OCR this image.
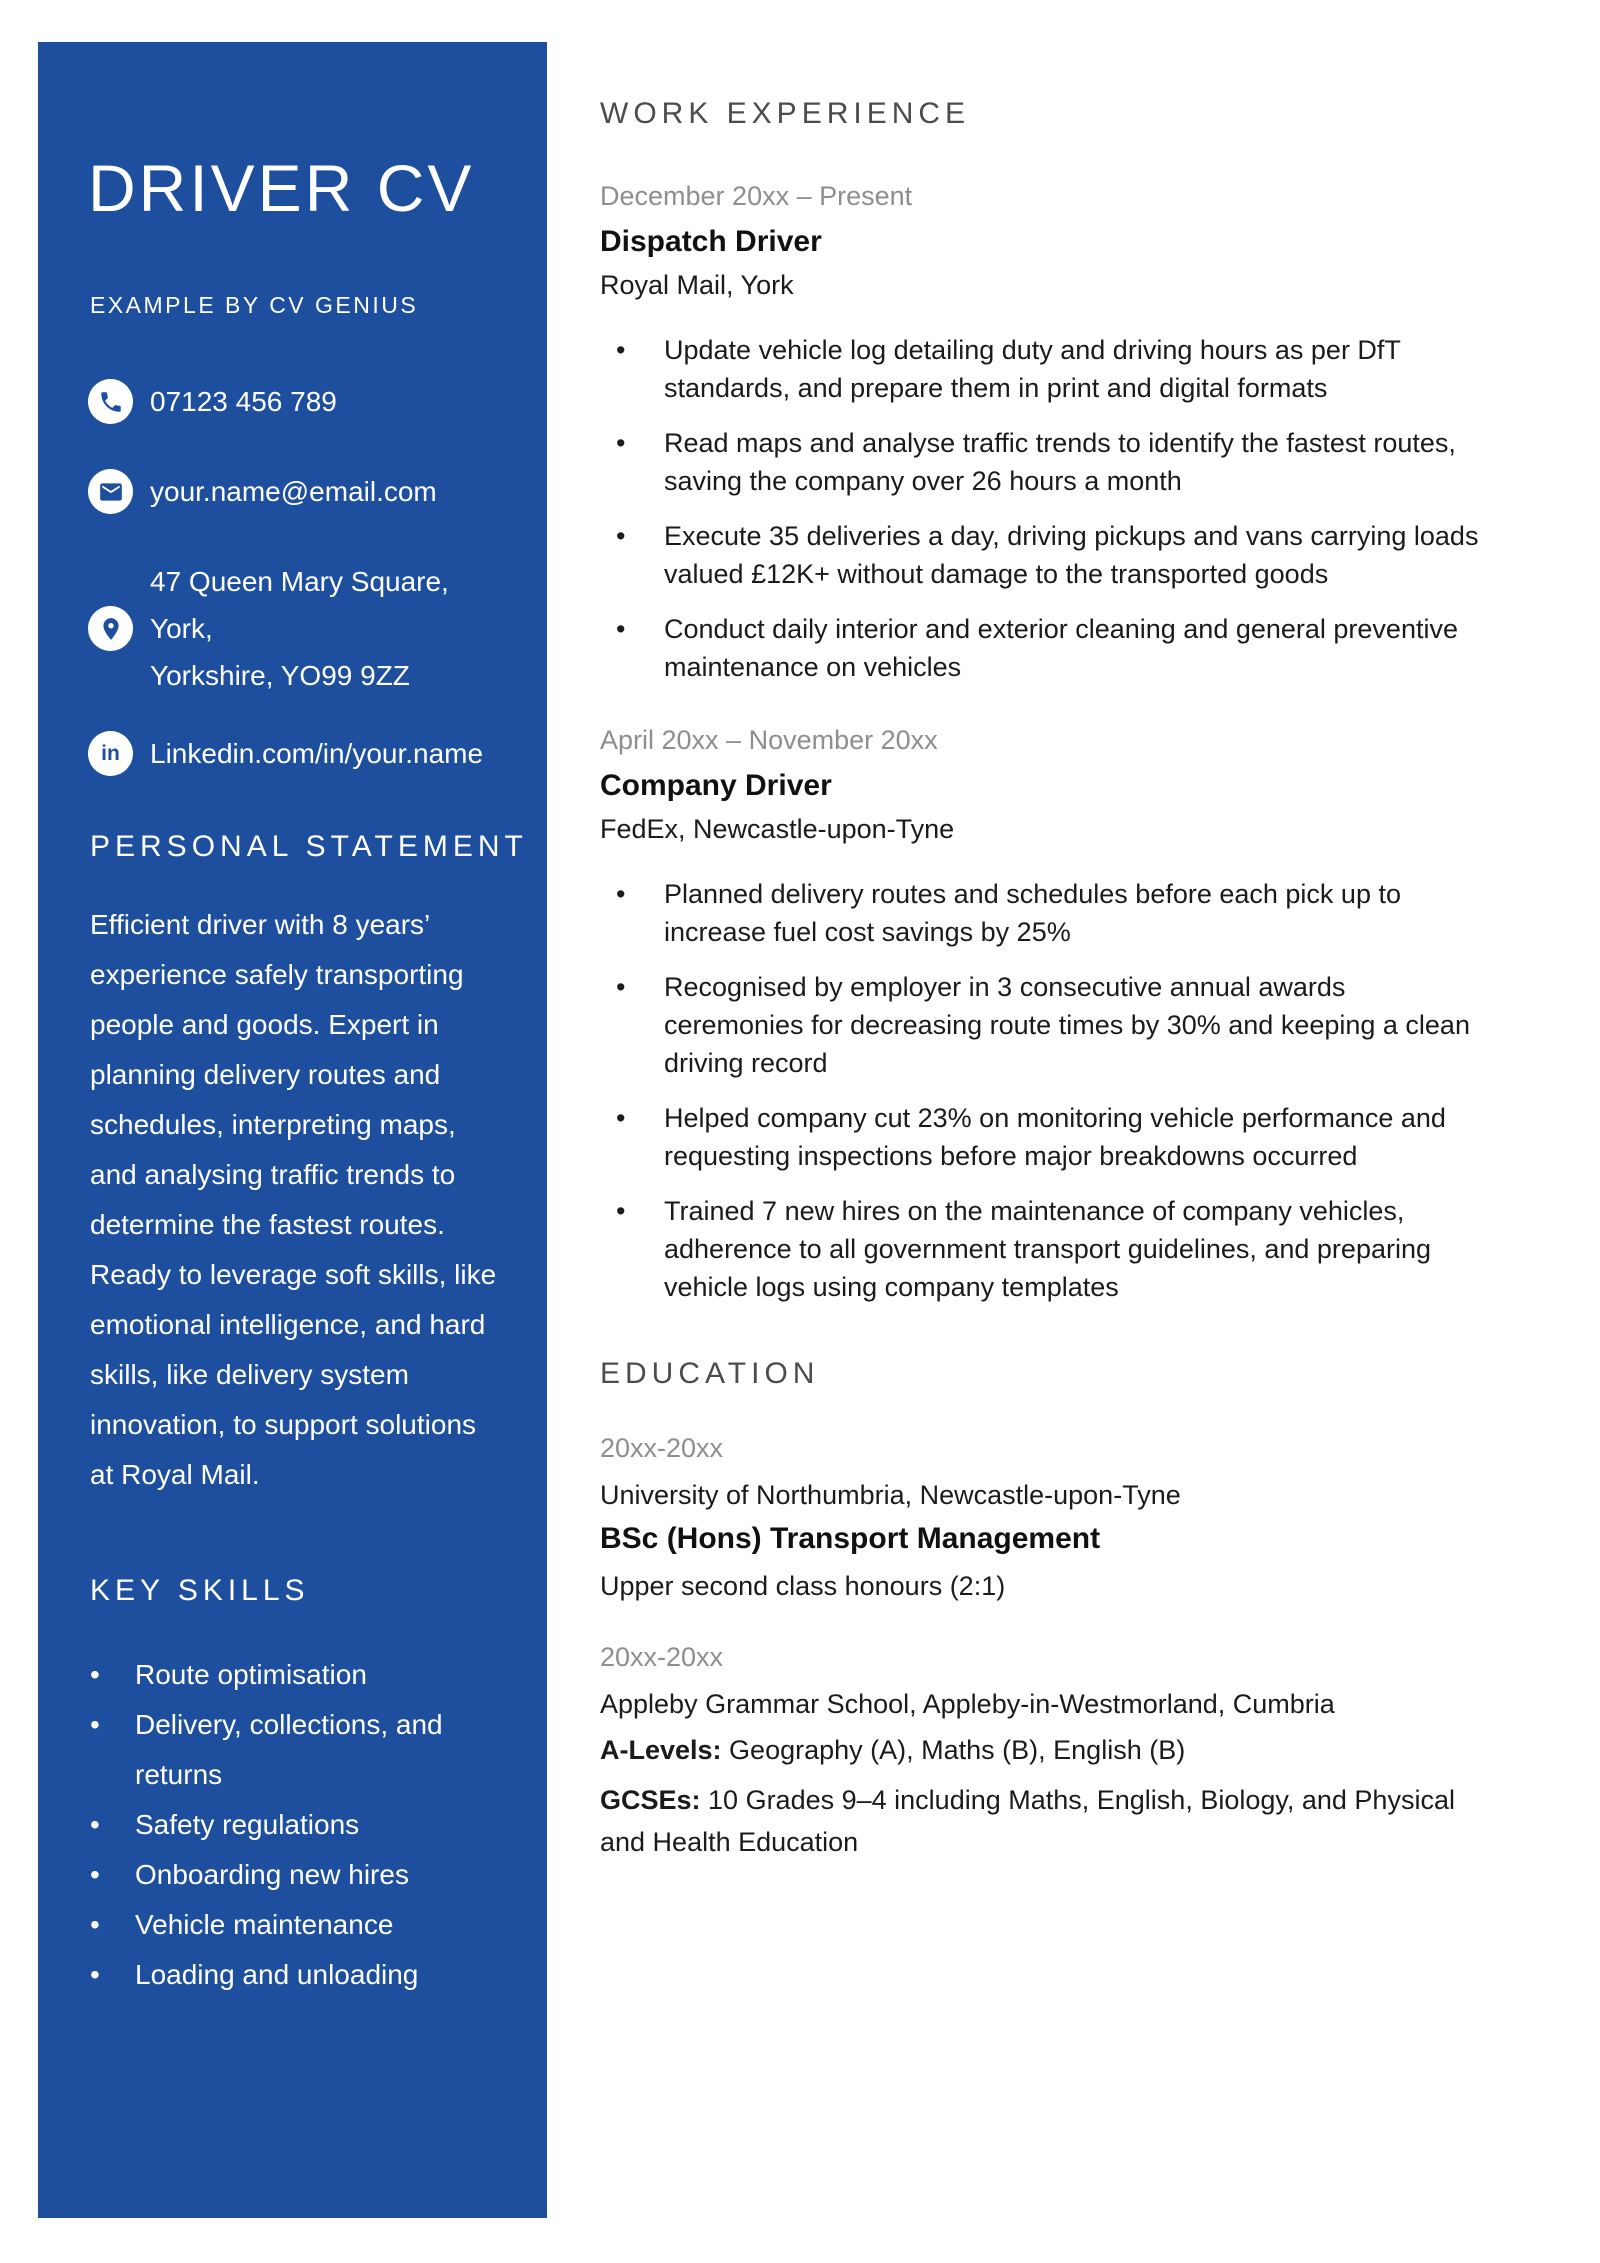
DRIVER CV
EXAMPLE BY CV GENIUS
07123 456 789
your.name@email.com
47 Queen Mary Square, York,
Yorkshire, YO99 9ZZ
in Linkedin.com/in/your.name
PERSONAL STATEMENT

Efficient driver with 8 years’ experience safely transporting people and goods. Expert in planning delivery routes and schedules, interpreting maps, and analysing traffic trends to determine the fastest routes. Ready to leverage soft skills, like emotional intelligence, and hard skills, like delivery system innovation, to support solutions at Royal Mail.

KEY SKILLS
• Route optimisation
• Delivery, collections, and returns
• Safety regulations
• Onboarding new hires
• Vehicle maintenance
• Loading and unloading
WORK EXPERIENCE
December 20xx – Present
Dispatch Driver
Royal Mail, York
• Update vehicle log detailing duty and driving hours as per DfT standards, and prepare them in print and digital formats
• Read maps and analyse traffic trends to identify the fastest routes, saving the company over 26 hours a month
• Execute 35 deliveries a day, driving pickups and vans carrying loads valued £12K+ without damage to the transported goods
• Conduct daily interior and exterior cleaning and general preventive maintenance on vehicles
April 20xx – November 20xx
Company Driver
FedEx, Newcastle-upon-Tyne
• Planned delivery routes and schedules before each pick up to increase fuel cost savings by 25%
• Recognised by employer in 3 consecutive annual awards ceremonies for decreasing route times by 30% and keeping a clean driving record
• Helped company cut 23% on monitoring vehicle performance and requesting inspections before major breakdowns occurred
• Trained 7 new hires on the maintenance of company vehicles, adherence to all government transport guidelines, and preparing vehicle logs using company templates
EDUCATION
20xx-20xx
University of Northumbria, Newcastle-upon-Tyne
BSc (Hons) Transport Management
Upper second class honours (2:1)
20xx-20xx
Appleby Grammar School, Appleby-in-Westmorland, Cumbria
A-Levels: Geography (A), Maths (B), English (B)
GCSEs: 10 Grades 9–4 including Maths, English, Biology, and Physical and Health Education
